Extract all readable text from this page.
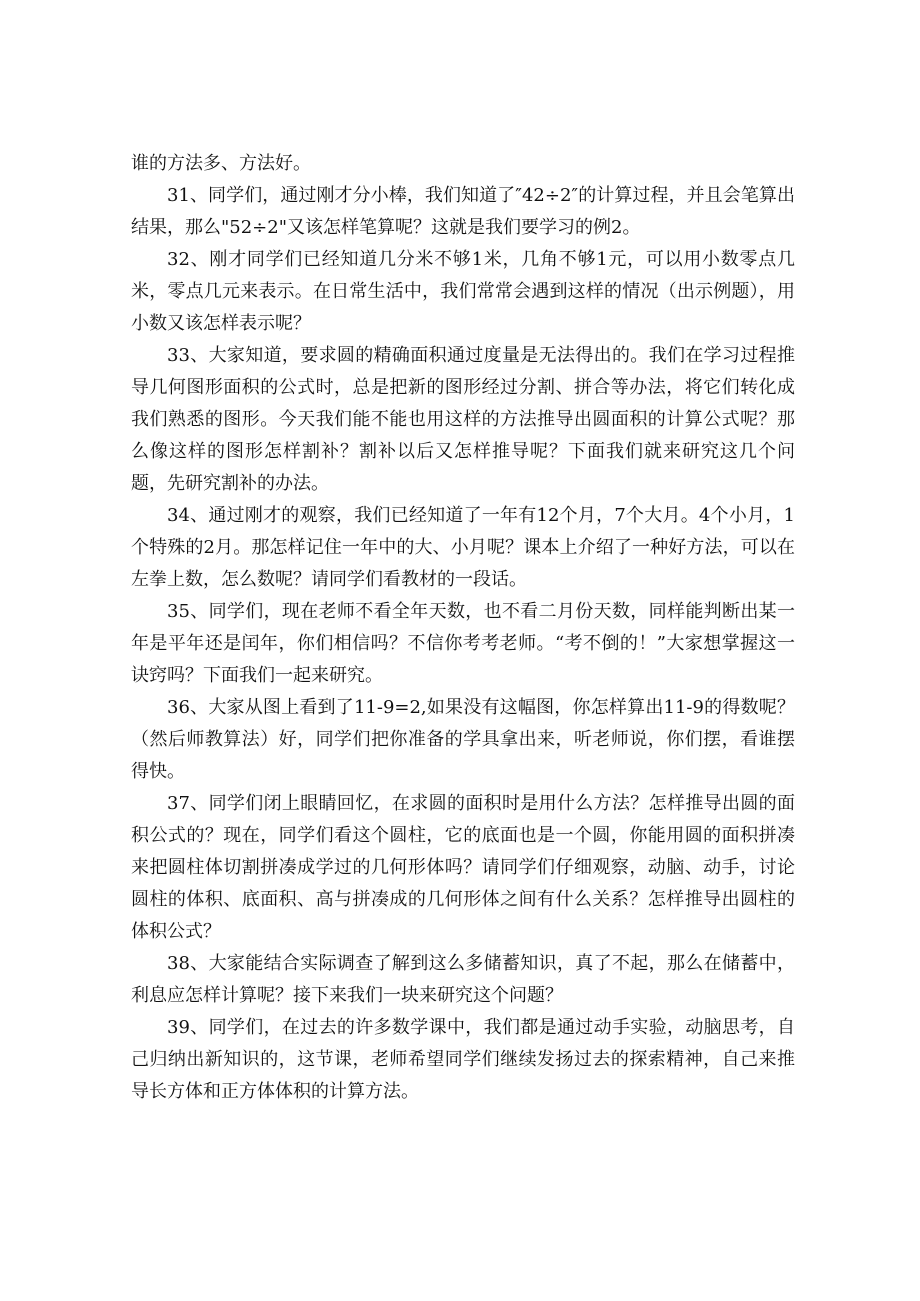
谁的方法多、方法好。

31、同学们，通过刚才分小棒，我们知道了″42÷2″的计算过程，并且会笔算出结果，那么"52÷2"又该怎样笔算呢？这就是我们要学习的例2。

32、刚才同学们已经知道几分米不够1米，几角不够1元，可以用小数零点几米，零点几元来表示。在日常生活中，我们常常会遇到这样的情况（出示例题），用小数又该怎样表示呢？

33、大家知道，要求圆的精确面积通过度量是无法得出的。我们在学习过程推导几何图形面积的公式时，总是把新的图形经过分割、拼合等办法，将它们转化成我们熟悉的图形。今天我们能不能也用这样的方法推导出圆面积的计算公式呢？那么像这样的图形怎样割补？割补以后又怎样推导呢？下面我们就来研究这几个问题，先研究割补的办法。

34、通过刚才的观察，我们已经知道了一年有12个月，7个大月。4个小月，1个特殊的2月。那怎样记住一年中的大、小月呢？课本上介绍了一种好方法，可以在左拳上数，怎么数呢？请同学们看教材的一段话。

35、同学们，现在老师不看全年天数，也不看二月份天数，同样能判断出某一年是平年还是闰年，你们相信吗？不信你考考老师。“考不倒的！”大家想掌握这一诀窍吗？下面我们一起来研究。

36、大家从图上看到了11-9=2,如果没有这幅图，你怎样算出11-9的得数呢？（然后师教算法）好，同学们把你准备的学具拿出来，听老师说，你们摆，看谁摆得快。

37、同学们闭上眼睛回忆，在求圆的面积时是用什么方法？怎样推导出圆的面积公式的？现在，同学们看这个圆柱，它的底面也是一个圆，你能用圆的面积拼凑来把圆柱体切割拼凑成学过的几何形体吗？请同学们仔细观察，动脑、动手，讨论圆柱的体积、底面积、高与拼凑成的几何形体之间有什么关系？怎样推导出圆柱的体积公式？

38、大家能结合实际调查了解到这么多储蓄知识，真了不起，那么在储蓄中，利息应怎样计算呢？接下来我们一块来研究这个问题？

39、同学们，在过去的许多数学课中，我们都是通过动手实验，动脑思考，自己归纳出新知识的，这节课，老师希望同学们继续发扬过去的探索精神，自己来推导长方体和正方体体积的计算方法。
